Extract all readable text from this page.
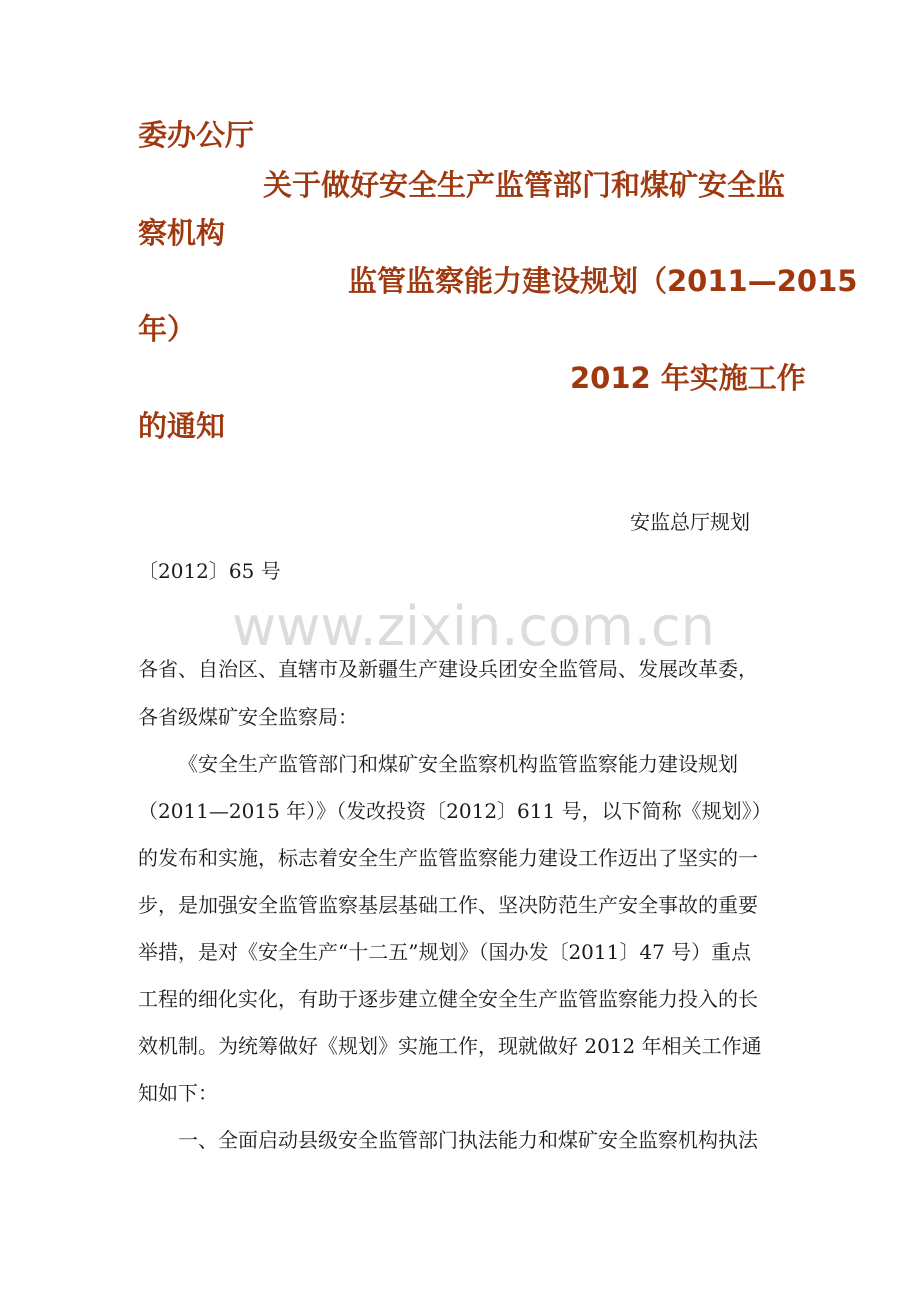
委办公厅
关于做好安全生产监管部门和煤矿安全监
察机构
监管监察能力建设规划（2011—2015
年）
2012 年实施工作
的通知
安监总厅规划
〔2012〕65 号
www.zixin.com.cn
各省、自治区、直辖市及新疆生产建设兵团安全监管局、发展改革委，
各省级煤矿安全监察局：
《安全生产监管部门和煤矿安全监察机构监管监察能力建设规划
（2011—2015 年）》（发改投资〔2012〕611 号，以下简称《规划》）
的发布和实施，标志着安全生产监管监察能力建设工作迈出了坚实的一
步，是加强安全监管监察基层基础工作、坚决防范生产安全事故的重要
举措，是对《安全生产“十二五”规划》（国办发〔2011〕47 号）重点
工程的细化实化，有助于逐步建立健全安全生产监管监察能力投入的长
效机制。为统筹做好《规划》实施工作，现就做好 2012 年相关工作通
知如下：
一、全面启动县级安全监管部门执法能力和煤矿安全监察机构执法
